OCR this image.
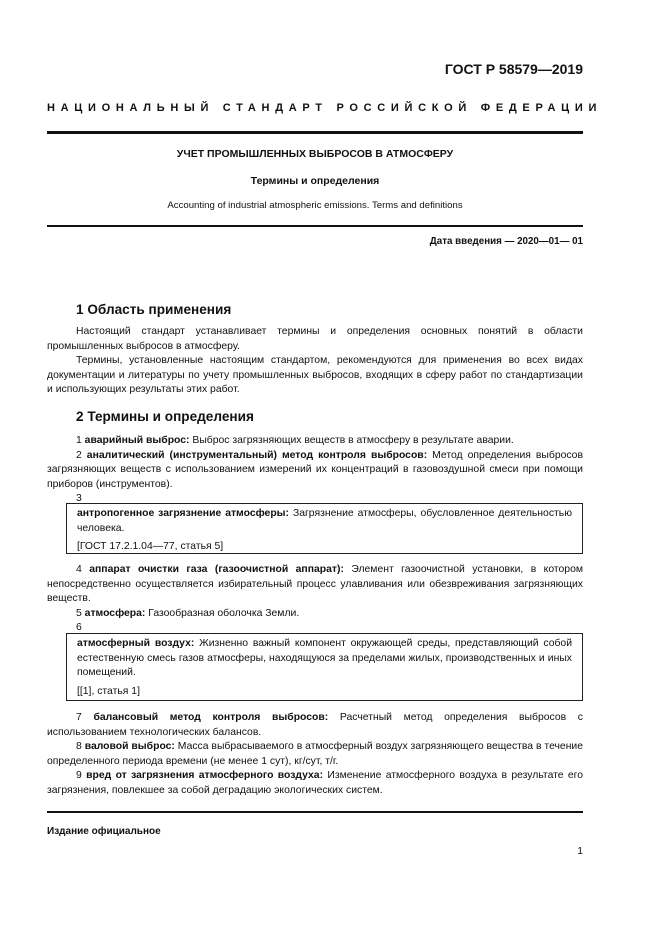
ГОСТ Р 58579—2019
НАЦИОНАЛЬНЫЙ СТАНДАРТ РОССИЙСКОЙ ФЕДЕРАЦИИ
УЧЕТ ПРОМЫШЛЕННЫХ ВЫБРОСОВ В АТМОСФЕРУ
Термины и определения
Accounting of industrial atmospheric emissions. Terms and definitions
Дата введения — 2020—01— 01
1 Область применения

Настоящий стандарт устанавливает термины и определения основных понятий в области промышленных выбросов в атмосферу.

Термины, установленные настоящим стандартом, рекомендуются для применения во всех видах документации и литературы по учету промышленных выбросов, входящих в сферу работ по стандартизации и использующих результаты этих работ.

2 Термины и определения

1 аварийный выброс: Выброс загрязняющих веществ в атмосферу в результате аварии.

2 аналитический (инструментальный) метод контроля выбросов: Метод определения выбросов загрязняющих веществ с использованием измерений их концентраций в газовоздушной смеси при помощи приборов (инструментов).

3

антропогенное загрязнение атмосферы: Загрязнение атмосферы, обусловленное деятельностью человека.

[ГОСТ 17.2.1.04—77, статья 5]

4 аппарат очистки газа (газоочистной аппарат): Элемент газоочистной установки, в котором непосредственно осуществляется избирательный процесс улавливания или обезвреживания загрязняющих веществ.

5 атмосфера: Газообразная оболочка Земли.

6

атмосферный воздух: Жизненно важный компонент окружающей среды, представляющий собой естественную смесь газов атмосферы, находящуюся за пределами жилых, производственных и иных помещений.

[[1], статья 1]

7 балансовый метод контроля выбросов: Расчетный метод определения выбросов с использованием технологических балансов.

8 валовой выброс: Масса выбрасываемого в атмосферный воздух загрязняющего вещества в течение определенного периода времени (не менее 1 сут), кг/сут, т/г.

9 вред от загрязнения атмосферного воздуха: Изменение атмосферного воздуха в результате его загрязнения, повлекшее за собой деградацию экологических систем.

Издание официальное
1
